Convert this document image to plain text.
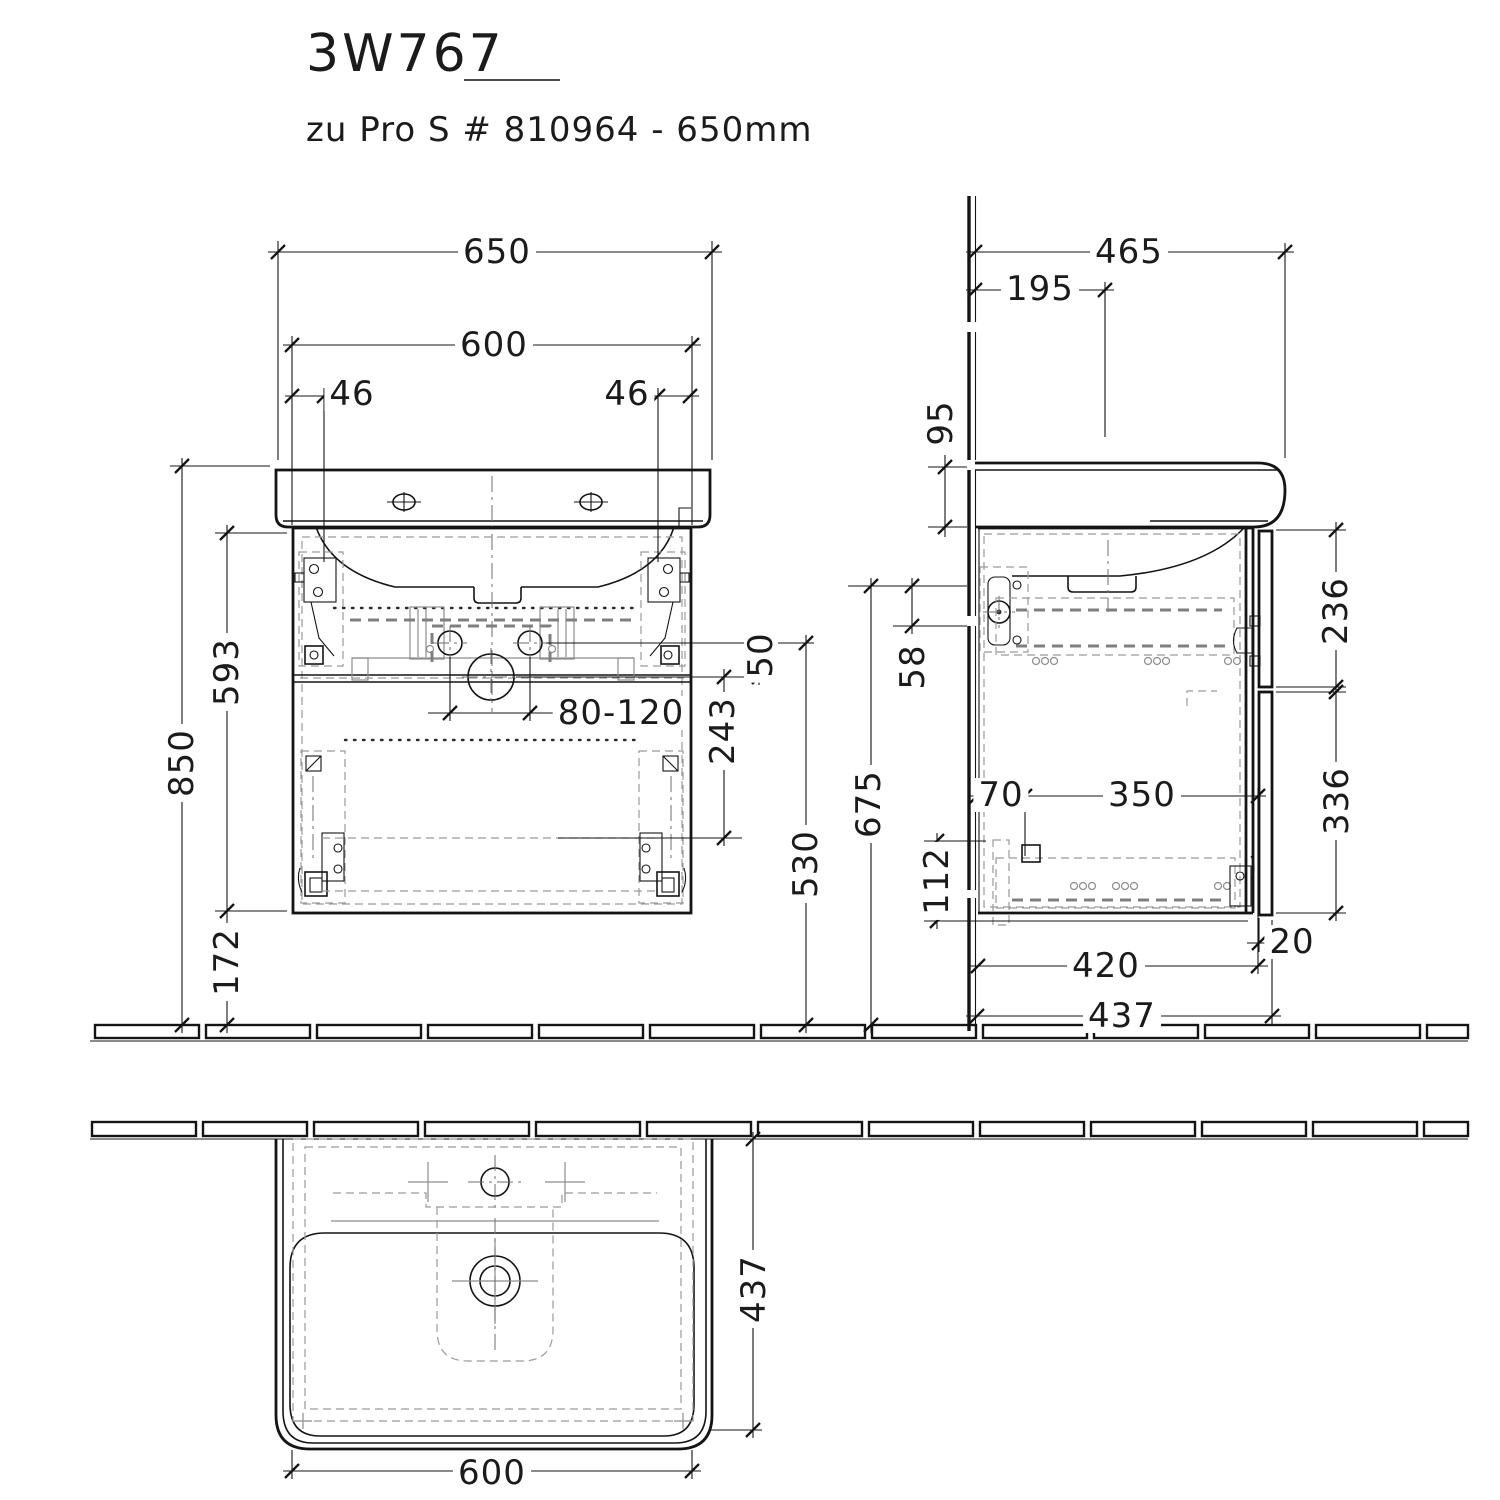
3W767
zu Pro S # 810964 - 650mm
650
600
46	46
850
593
172
80-120
50
243
530
465
195
95
58
675
236
336
70 350
112
420
437
20
437
600
